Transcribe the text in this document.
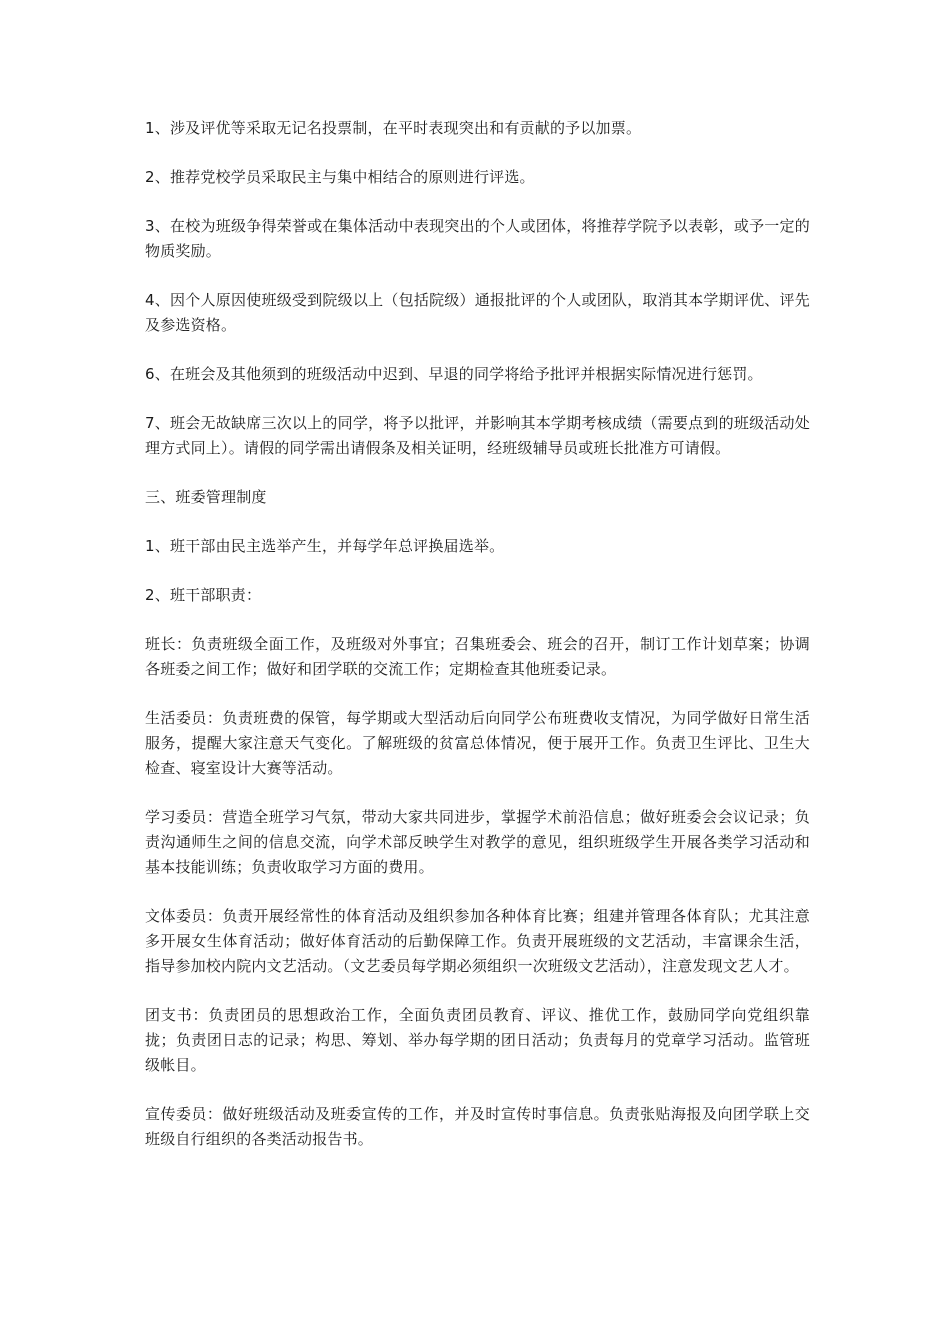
1、涉及评优等采取无记名投票制，在平时表现突出和有贡献的予以加票。

2、推荐党校学员采取民主与集中相结合的原则进行评选。

3、在校为班级争得荣誉或在集体活动中表现突出的个人或团体，将推荐学院予以表彰，或予一定的物质奖励。

4、因个人原因使班级受到院级以上（包括院级）通报批评的个人或团队，取消其本学期评优、评先及参选资格。

6、在班会及其他须到的班级活动中迟到、早退的同学将给予批评并根据实际情况进行惩罚。

7、班会无故缺席三次以上的同学，将予以批评，并影响其本学期考核成绩（需要点到的班级活动处理方式同上）。请假的同学需出请假条及相关证明，经班级辅导员或班长批准方可请假。

三、班委管理制度

1、班干部由民主选举产生，并每学年总评换届选举。

2、班干部职责：

班长：负责班级全面工作，及班级对外事宜；召集班委会、班会的召开，制订工作计划草案；协调各班委之间工作；做好和团学联的交流工作；定期检查其他班委记录。

生活委员：负责班费的保管，每学期或大型活动后向同学公布班费收支情况，为同学做好日常生活服务，提醒大家注意天气变化。了解班级的贫富总体情况，便于展开工作。负责卫生评比、卫生大检查、寝室设计大赛等活动。

学习委员：营造全班学习气氛，带动大家共同进步，掌握学术前沿信息；做好班委会会议记录；负责沟通师生之间的信息交流，向学术部反映学生对教学的意见，组织班级学生开展各类学习活动和基本技能训练；负责收取学习方面的费用。

文体委员：负责开展经常性的体育活动及组织参加各种体育比赛；组建并管理各体育队；尤其注意多开展女生体育活动；做好体育活动的后勤保障工作。负责开展班级的文艺活动，丰富课余生活，指导参加校内院内文艺活动。（文艺委员每学期必须组织一次班级文艺活动），注意发现文艺人才。

团支书：负责团员的思想政治工作，全面负责团员教育、评议、推优工作，鼓励同学向党组织靠拢；负责团日志的记录；构思、筹划、举办每学期的团日活动；负责每月的党章学习活动。监管班级帐目。

宣传委员：做好班级活动及班委宣传的工作，并及时宣传时事信息。负责张贴海报及向团学联上交班级自行组织的各类活动报告书。
